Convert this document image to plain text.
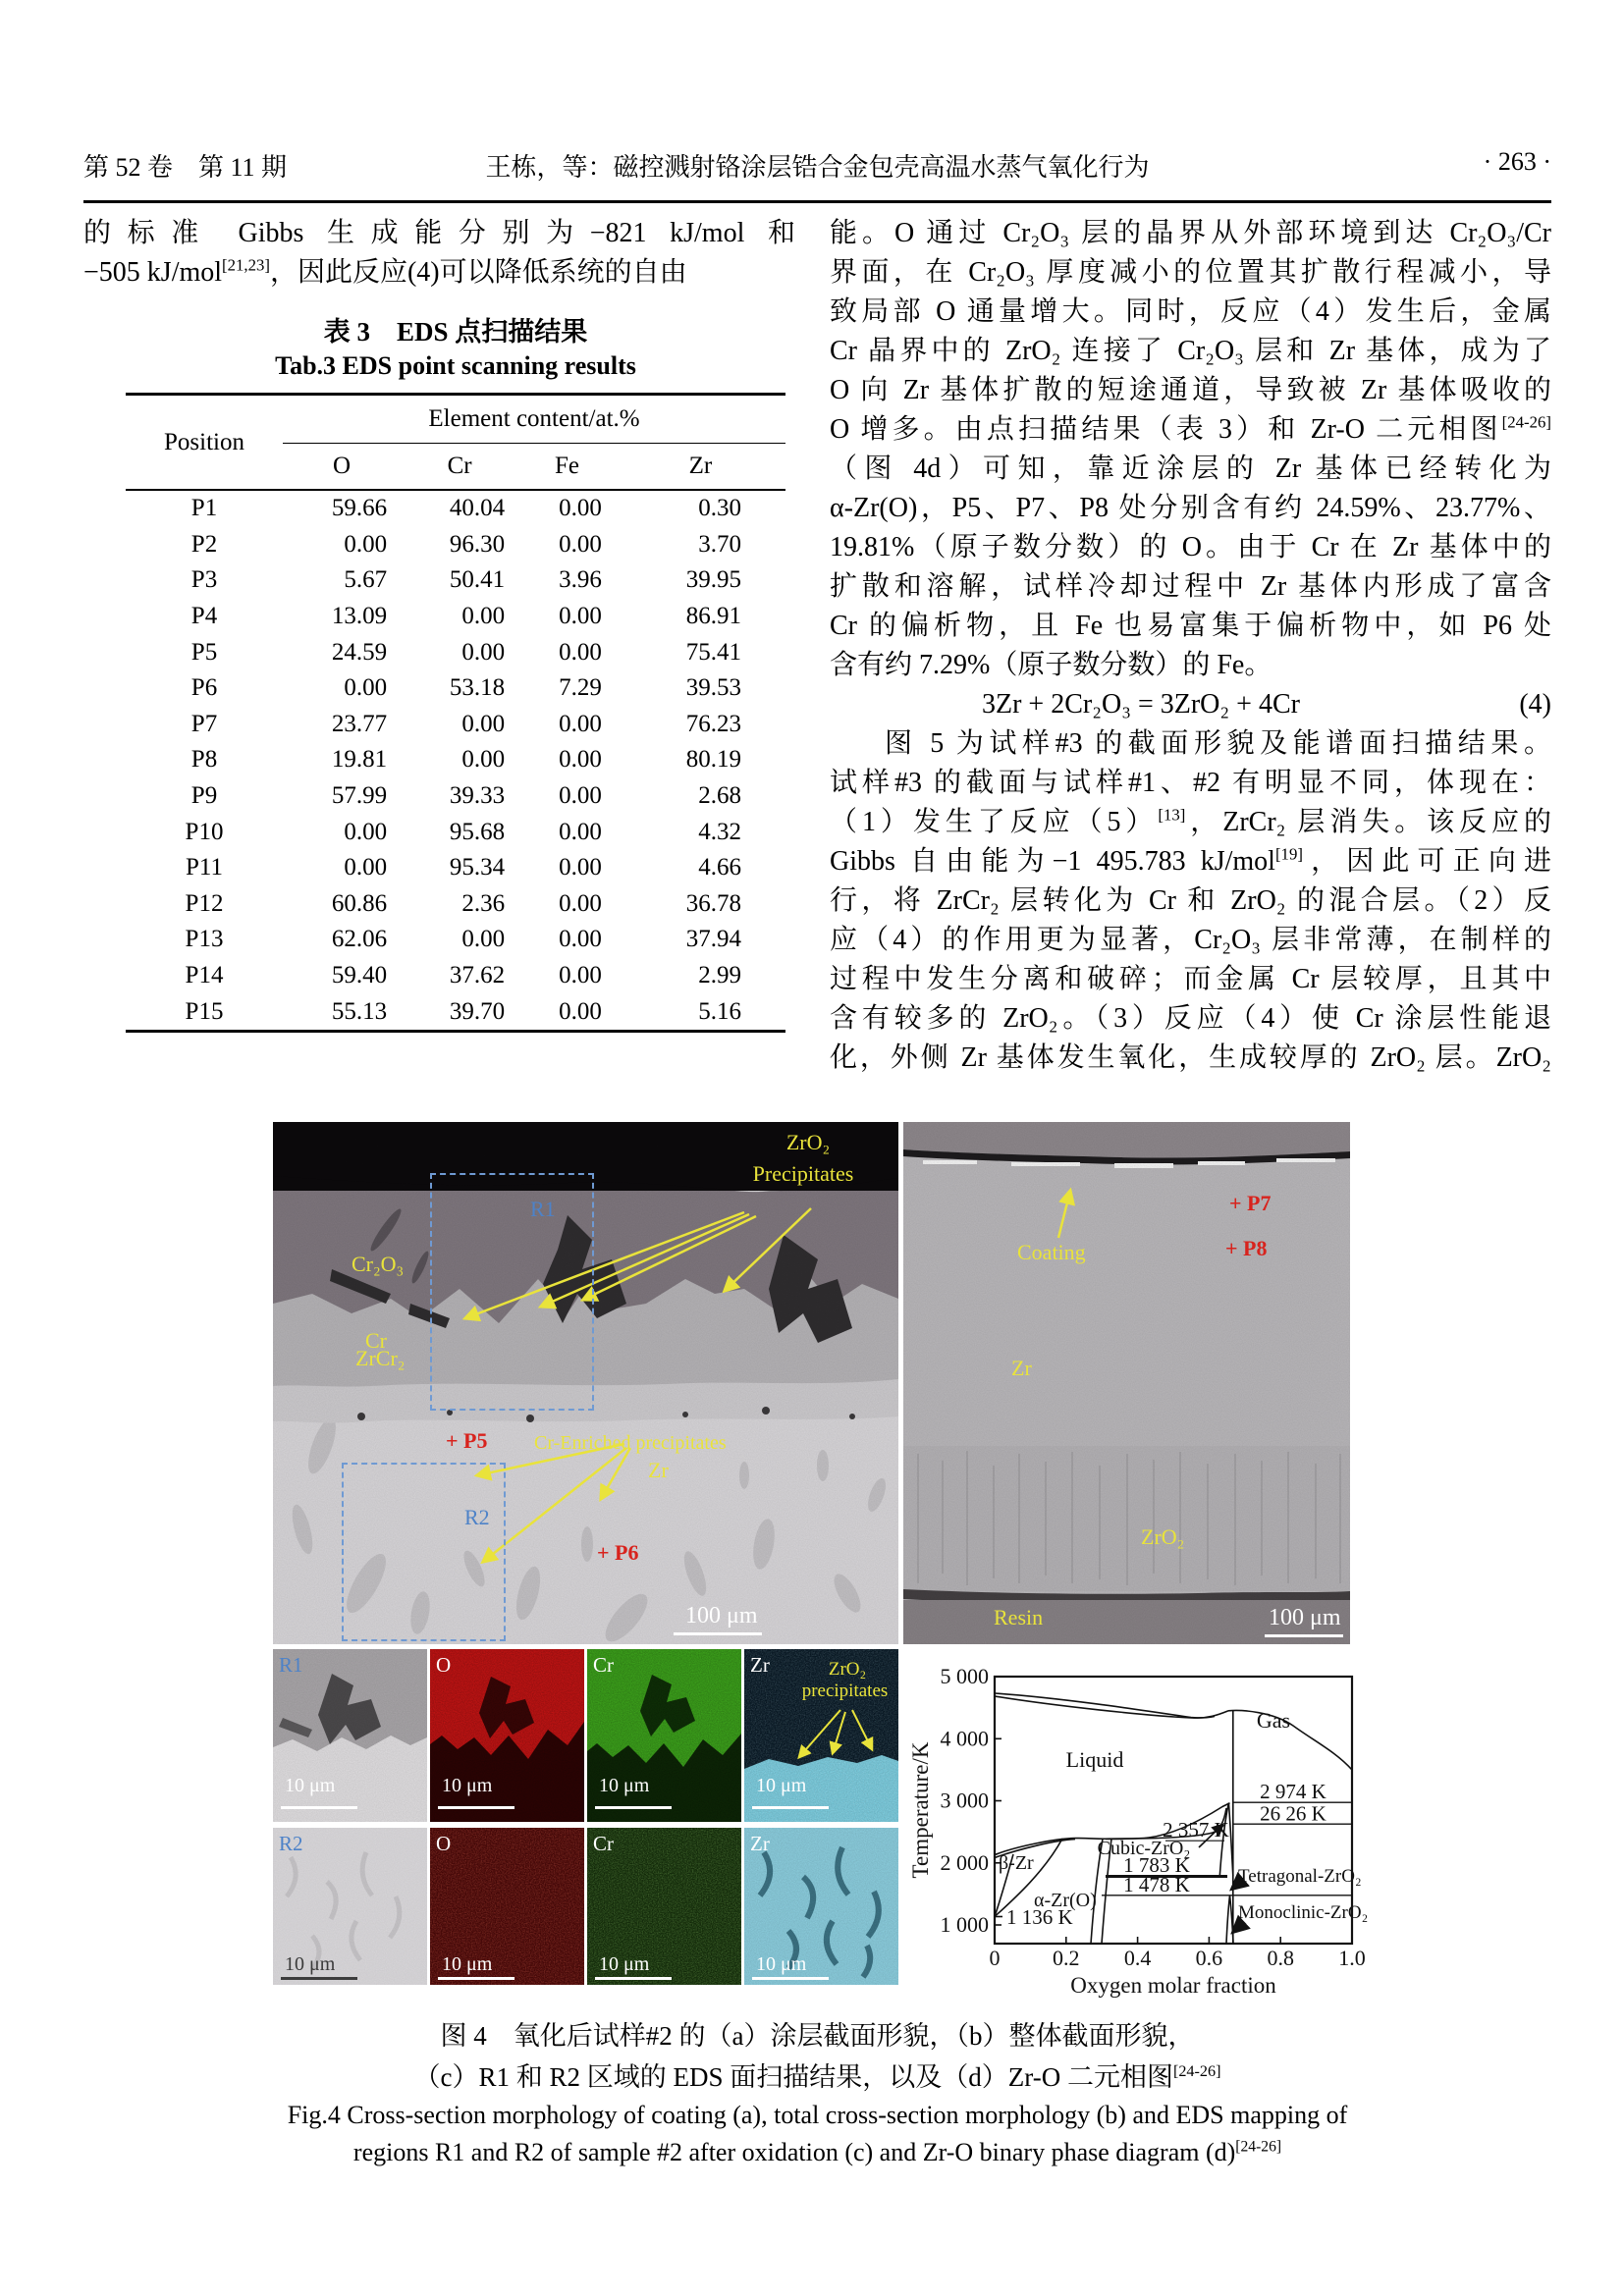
第 52 卷　第 11 期	王栋，等：磁控溅射铬涂层锆合金包壳高温水蒸气氧化行为	· 263 ·
的标准 Gibbs 生成能分别为−821 kJ/mol 和
−505 kJ/mol[21,23]，因此反应(4)可以降低系统的自由
表 3　EDS 点扫描结果
Tab.3 EDS point scanning results
Position	Element content/at.%			
	O	Cr	Fe	Zr
P1	59.66	40.04	0.00	0.30
P2	0.00	96.30	0.00	3.70
P3	5.67	50.41	3.96	39.95
P4	13.09	0.00	0.00	86.91
P5	24.59	0.00	0.00	75.41
P6	0.00	53.18	7.29	39.53
P7	23.77	0.00	0.00	76.23
P8	19.81	0.00	0.00	80.19
P9	57.99	39.33	0.00	2.68
P10	0.00	95.68	0.00	4.32
P11	0.00	95.34	0.00	4.66
P12	60.86	2.36	0.00	36.78
P13	62.06	0.00	0.00	37.94
P14	59.40	37.62	0.00	2.99
P15	55.13	39.70	0.00	5.16
能。O 通过 Cr₂O₃ 层的晶界从外部环境到达 Cr₂O₃/Cr
界面，在 Cr₂O₃ 厚度减小的位置其扩散行程减小，导
致局部 O 通量增大。同时，反应（4）发生后，金属
Cr 晶界中的 ZrO₂ 连接了 Cr₂O₃ 层和 Zr 基体，成为了
O 向 Zr 基体扩散的短途通道，导致被 Zr 基体吸收的
O 增多。由点扫描结果（表 3）和 Zr-O 二元相图[24-26]
（图 4d）可知，靠近涂层的 Zr 基体已经转化为
α-Zr(O)，P5、P7、P8 处分别含有约 24.59%、23.77%、
19.81%（原子数分数）的 O。由于 Cr 在 Zr 基体中的
扩散和溶解，试样冷却过程中 Zr 基体内形成了富含
Cr 的偏析物，且 Fe 也易富集于偏析物中，如 P6 处
含有约 7.29%（原子数分数）的 Fe。
3Zr + 2Cr₂O₃ = 3ZrO₂ + 4Cr	(4)
图 5 为试样#3 的截面形貌及能谱面扫描结果。
试样#3 的截面与试样#1、#2 有明显不同，体现在：
（1）发生了反应（5）[13]，ZrCr₂ 层消失。该反应的
Gibbs 自由能为−1 495.783 kJ/mol[19]，因此可正向进
行，将 ZrCr₂ 层转化为 Cr 和 ZrO₂ 的混合层。（2）反
应（4）的作用更为显著，Cr₂O₃ 层非常薄，在制样的
过程中发生分离和破碎；而金属 Cr 层较厚，且其中
含有较多的 ZrO₂。（3）反应（4）使 Cr 涂层性能退
化，外侧 Zr 基体发生氧化，生成较厚的 ZrO₂ 层。ZrO₂
ZrO₂
Precipitates
R1
Cr₂O₃
Cr
ZrCr₂
+ P5 Cr-Enriched precipitates
Zr
R2
+ P6
100 μm
Coating
+ P7
+ P8
Zr
ZrO₂
Resin	100 μm
R1
10 μm
O
10 μm
Cr
10 μm
Zr	ZrO₂
precipitates
10 μm
R2
10 μm
O
10 μm
Cr
10 μm
Zr
10 μm
Gas
Liquid
β-Zr
α-Zr(O)
Cubic-ZrO₂
Tetragonal-ZrO₂
Monoclinic-ZrO₂
2 974 K
26 26 K
2 357 K
1 783 K
1 478 K
1 136 K
Temperature/K
Oxygen molar fraction
0 0.2 0.4 0.6 0.8 1.0
1 000
2 000
3 000
4 000
5 000
图 4　氧化后试样#2 的（a）涂层截面形貌，（b）整体截面形貌，
（c）R1 和 R2 区域的 EDS 面扫描结果，以及（d）Zr-O 二元相图[24-26]
Fig.4 Cross-section morphology of coating (a), total cross-section morphology (b) and EDS mapping of
regions R1 and R2 of sample #2 after oxidation (c) and Zr-O binary phase diagram (d)[24-26]
